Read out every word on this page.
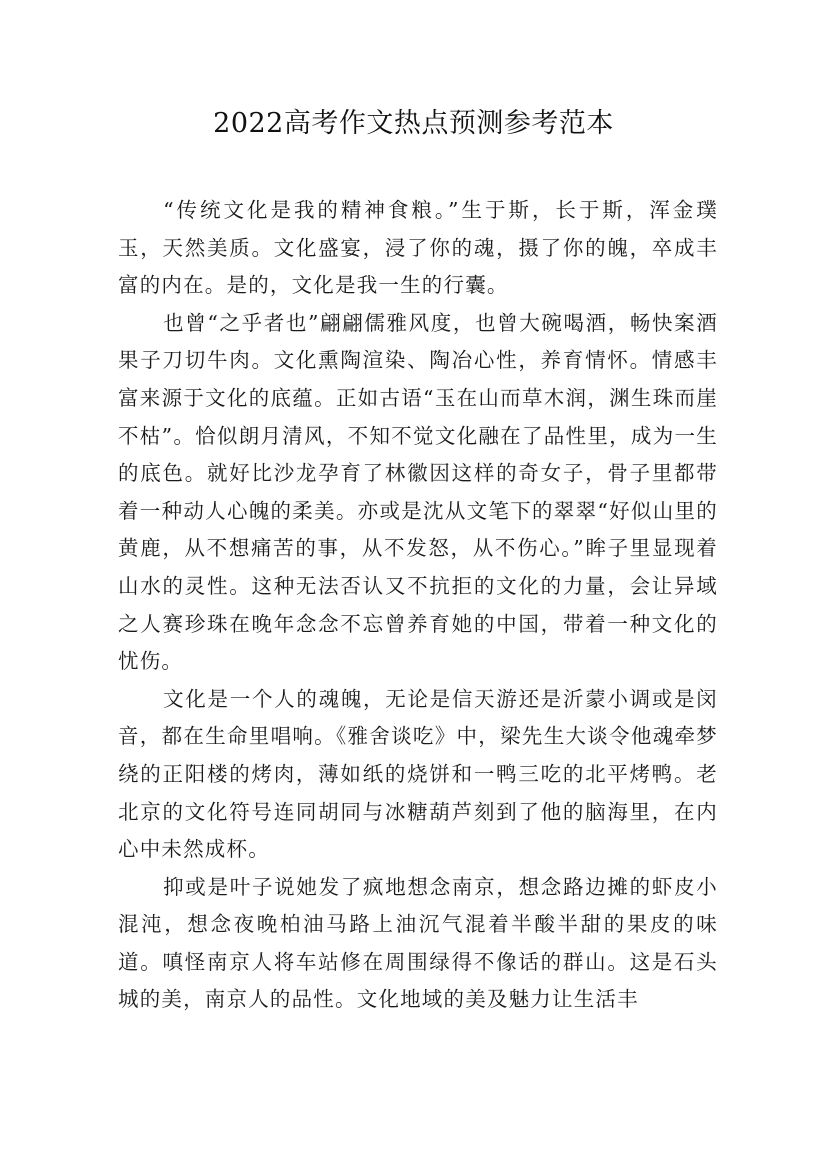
2022高考作文热点预测参考范本

“传统文化是我的精神食粮。”生于斯，长于斯，浑金璞玉，天然美质。文化盛宴，浸了你的魂，摄了你的魄，卒成丰富的内在。是的，文化是我一生的行囊。

也曾“之乎者也”翩翩儒雅风度，也曾大碗喝酒，畅快案酒果子刀切牛肉。文化熏陶渲染、陶冶心性，养育情怀。情感丰富来源于文化的底蕴。正如古语“玉在山而草木润，渊生珠而崖不枯”。恰似朗月清风，不知不觉文化融在了品性里，成为一生的底色。就好比沙龙孕育了林徽因这样的奇女子，骨子里都带着一种动人心魄的柔美。亦或是沈从文笔下的翠翠“好似山里的黄鹿，从不想痛苦的事，从不发怒，从不伤心。”眸子里显现着山水的灵性。这种无法否认又不抗拒的文化的力量，会让异域之人赛珍珠在晚年念念不忘曾养育她的中国，带着一种文化的忧伤。

文化是一个人的魂魄，无论是信天游还是沂蒙小调或是闵音，都在生命里唱响。《雅舍谈吃》中，梁先生大谈令他魂牵梦绕的正阳楼的烤肉，薄如纸的烧饼和一鸭三吃的北平烤鸭。老北京的文化符号连同胡同与冰糖葫芦刻到了他的脑海里，在内心中未然成杯。

抑或是叶子说她发了疯地想念南京，想念路边摊的虾皮小混沌，想念夜晚柏油马路上油沉气混着半酸半甜的果皮的味道。嗔怪南京人将车站修在周围绿得不像话的群山。这是石头城的美，南京人的品性。文化地域的美及魅力让生活丰
